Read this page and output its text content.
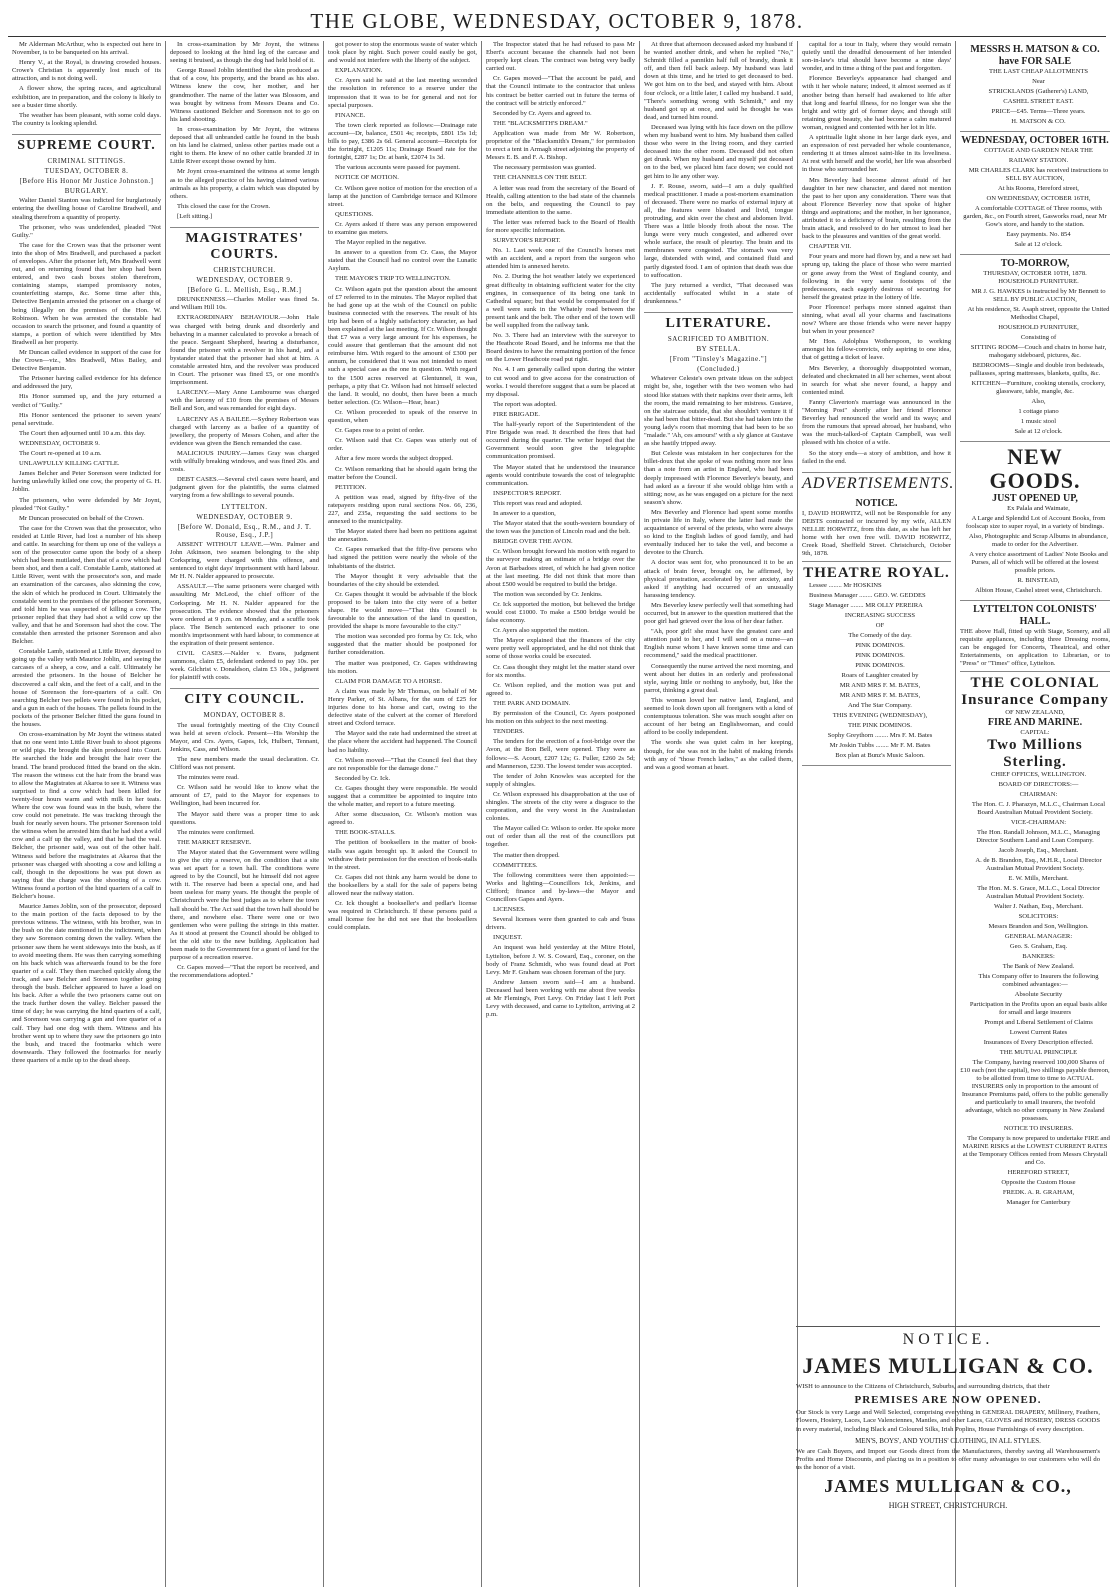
THE GLOBE, WEDNESDAY, OCTOBER 9, 1878.

Mr Alderman McArthur, who is expected out here in November, is to be banqueted on his arrival.

Henry V., at the Royal, is drawing crowded houses. Crowe's Christian is apparently lost much of its attraction, and is not doing well.

A flower show, the spring races, and agricultural exhibition, are in preparation, and the colony is likely to see a busier time shortly.

The weather has been pleasant, with some cold days. The country is looking splendid.

SUPREME COURT.
CRIMINAL SITTINGS.
TUESDAY, OCTOBER 8.
[Before His Honor Mr Justice Johnston.]
BURGLARY.

Walter Daniel Stanton was indicted for burglariously entering the dwelling house of Caroline Bradwell, and stealing therefrom a quantity of property.

The prisoner, who was undefended, pleaded "Not Guilty."

The case for the Crown was that the prisoner went into the shop of Mrs Bradwell, and purchased a packet of envelopes. After the prisoner left, Mrs Bradwell went out, and on returning found that her shop had been entered, and two cash boxes stolen therefrom, containing stamps, stamped promissory notes, counterfeiting stamps, &c. Some time after this, Detective Benjamin arrested the prisoner on a charge of being illegally on the premises of the Hon. W. Robinson. When he was arrested the constable had occasion to search the prisoner, and found a quantity of stamps, a portion of which were identified by Mrs Bradwell as her property.

Mr Duncan called evidence in support of the case for the Crown—viz., Mrs Bradwell, Miss Bailey, and Detective Benjamin.

The Prisoner having called evidence for his defence and addressed the jury,

His Honor summed up, and the jury returned a verdict of "Guilty."

His Honor sentenced the prisoner to seven years' penal servitude.

The Court then adjourned until 10 a.m. this day.

WEDNESDAY, OCTOBER 9.

The Court re-opened at 10 a.m.

UNLAWFULLY KILLING CATTLE.

James Belcher and Peter Sorenson were indicted for having unlawfully killed one cow, the property of G. H. Joblin.

The prisoners, who were defended by Mr Joynt, pleaded "Not Guilty."

Mr Duncan prosecuted on behalf of the Crown.

The case for the Crown was that the prosecutor, who resided at Little River, had lost a number of his sheep and cattle. In searching for them up one of the valleys a son of the prosecutor came upon the body of a sheep which had been mutilated, then that of a cow which had been shot, and then a calf. Constable Lamb, stationed at Little River, went with the prosecutor's son, and made an examination of the carcases, also skinning the cow, the skin of which he produced in Court. Ultimately the constable went to the premises of the prisoner Sorenson, and told him he was suspected of killing a cow. The prisoner replied that they had shot a wild cow up the valley, and that he and Sorenson had shot the cow. The constable then arrested the prisoner Sorenson and also Belcher.

Constable Lamb, stationed at Little River, deposed to going up the valley with Maurice Joblin, and seeing the carcases of a sheep, a cow, and a calf. Ultimately he arrested the prisoners. In the house of Belcher he discovered a calf skin, and the feet of a calf, and in the house of Sorenson the fore-quarters of a calf. On searching Belcher two pellets were found in his pocket, and a gun in each of the houses. The pellets found in the pockets of the prisoner Belcher fitted the guns found in the houses.

On cross-examination by Mr Joynt the witness stated that no one went into Little River bush to shoot pigeons or wild pigs. He brought the skin produced into Court. He searched the hide and brought the hair over the brand. The brand produced fitted the brand on the skin. The reason the witness cut the hair from the brand was to allow the Magistrates at Akaroa to see it. Witness was surprised to find a cow which had been killed for twenty-four hours warm and with milk in her teats. Where the cow was found was in the bush, where the cow could not penetrate. He was tracking through the bush for nearly seven hours. The prisoner Sorenson told the witness when he arrested him that he had shot a wild cow and a calf up the valley, and that he had the veal. Belcher, the prisoner said, was out of the other half. Witness said before the magistrates at Akaroa that the prisoner was charged with shooting a cow and killing a calf, though in the depositions he was put down as saying that the charge was the shooting of a cow. Witness found a portion of the hind quarters of a calf in Belcher's house.

Maurice James Joblin, son of the prosecutor, deposed to the main portion of the facts deposed to by the previous witness. The witness, with his brother, was in the bush on the date mentioned in the indictment, when they saw Sorenson coming down the valley. When the prisoner saw them he went sideways into the bush, as if to avoid meeting them. He was then carrying something on his back which was afterwards found to be the fore quarter of a calf. They then marched quickly along the track, and saw Belcher and Sorenson together going through the bush. Belcher appeared to have a load on his back. After a while the two prisoners came out on the track further down the valley. Belcher passed the time of day; he was carrying the hind quarters of a calf, and Sorenson was carrying a gun and fore quarter of a calf. They had one dog with them. Witness and his brother went up to where they saw the prisoners go into the bush, and traced the footmarks which were downwards. They followed the footmarks for nearly three quarters of a mile up to the dead sheep.

In cross-examination by Mr Joynt, the witness deposed to looking at the hind leg of the carcase and seeing it bruised, as though the dog had held hold of it.

George Russel Joblin identified the skin produced as that of a cow, his property, and the brand as his also. Witness knew the cow, her mother, and her grandmother. The name of the latter was Blossom, and was bought by witness from Messrs Deans and Co. Witness cautioned Belcher and Sorenson not to go on his land shooting.

In cross-examination by Mr Joynt, the witness deposed that all unbranded cattle he found in the bush on his land he claimed, unless other parties made out a right to them. He knew of no other cattle branded JJ in Little River except those owned by him.

Mr Joynt cross-examined the witness at some length as to the alleged practice of his having claimed various animals as his property, a claim which was disputed by others.

This closed the case for the Crown.

[Left sitting.]

MAGISTRATES' COURTS.
CHRISTCHURCH.
WEDNESDAY, OCTOBER 9.
[Before G. L. Mellish, Esq., R.M.]

DRUNKENNESS.—Charles Moller was fined 5s. and William Hill 10s.

EXTRAORDINARY BEHAVIOUR.—John Hale was charged with being drunk and disorderly and behaving in a manner calculated to provoke a breach of the peace. Sergeant Shepherd, hearing a disturbance, found the prisoner with a revolver in his hand, and a bystander stated that the prisoner had shot at him. A constable arrested him, and the revolver was produced in Court. The prisoner was fined £5, or one month's imprisonment.

LARCENY.—Mary Anne Lambourne was charged with the larceny of £10 from the premises of Messrs Bell and Son, and was remanded for eight days.

LARCENY AS A BAILEE.—Sydney Robertson was charged with larceny as a bailee of a quantity of jewellery, the property of Messrs Cohen, and after the evidence was given the Bench remanded the case.

MALICIOUS INJURY.—James Gray was charged with wilfully breaking windows, and was fined 20s. and costs.

DEBT CASES.—Several civil cases were heard, and judgment given for the plaintiffs, the sums claimed varying from a few shillings to several pounds.

LYTTELTON.
WEDNESDAY, OCTOBER 9.
[Before W. Donald, Esq., R.M., and J. T. Rouse, Esq., J.P.]

ABSENT WITHOUT LEAVE.—Wm. Palmer and John Atkinson, two seamen belonging to the ship Corkspring, were charged with this offence, and sentenced to eight days' imprisonment with hard labour. Mr H. N. Nalder appeared to prosecute.

ASSAULT.—The same prisoners were charged with assaulting Mr McLeod, the chief officer of the Corkspring. Mr H. N. Nalder appeared for the prosecution. The evidence showed that the prisoners were ordered at 9 p.m. on Monday, and a scuffle took place. The Bench sentenced each prisoner to one month's imprisonment with hard labour, to commence at the expiration of their present sentence.

CIVIL CASES.—Nalder v. Evans, judgment summons, claim £5, defendant ordered to pay 10s. per week. Gilchrist v. Donaldson, claim £3 10s., judgment for plaintiff with costs.

CITY COUNCIL.
MONDAY, OCTOBER 8.

The usual fortnightly meeting of the City Council was held at seven o'clock. Present—His Worship the Mayor, and Crs. Ayers, Gapes, Ick, Hulbert, Tennant, Jenkins, Cass, and Wilson.

The new members made the usual declaration. Cr. Clifford was not present.

The minutes were read.

Cr. Wilson said he would like to know what the amount of £7, paid to the Mayor for expenses to Wellington, had been incurred for.

The Mayor said there was a proper time to ask questions.

The minutes were confirmed.

THE MARKET RESERVE.

The Mayor stated that the Government were willing to give the city a reserve, on the condition that a site was set apart for a town hall. The conditions were agreed to by the Council, but he himself did not agree with it. The reserve had been a special one, and had been useless for many years. He thought the people of Christchurch were the best judges as to where the town hall should be. The Act said that the town hall should be there, and nowhere else. There were one or two gentlemen who were pulling the strings in this matter. As it stood at present the Council should be obliged to let the old site to the new building. Application had been made to the Government for a grant of land for the purpose of a recreation reserve.

Cr. Gapes moved—"That the report be received, and the recommendations adopted."

got power to stop the enormous waste of water which took place by night. Such power could easily be got, and would not interfere with the liberty of the subject.

EXPLANATION.

Cr. Ayers said he said at the last meeting seconded the resolution in reference to a reserve under the impression that it was to be for general and not for special purposes.

FINANCE.

The town clerk reported as follows:—Drainage rate account—Dr, balance, £501 4s; receipts, £801 15s 1d; bills to pay, £386 2s 6d. General account—Receipts for the fortnight, £1205 11s; Drainage Board rate for the fortnight, £287 1s; Dr. at bank, £2074 1s 3d.

The various accounts were passed for payment.

NOTICE OF MOTION.

Cr. Wilson gave notice of motion for the erection of a lamp at the junction of Cambridge terrace and Kilmore street.

QUESTIONS.

Cr. Ayers asked if there was any person empowered to examine gas meters.

The Mayor replied in the negative.

In answer to a question from Cr. Cass, the Mayor stated that the Council had no control over the Lunatic Asylum.

THE MAYOR'S TRIP TO WELLINGTON.

Cr. Wilson again put the question about the amount of £7 referred to in the minutes. The Mayor replied that he had gone up at the wish of the Council on public business connected with the reserves. The result of his trip had been of a highly satisfactory character, as had been explained at the last meeting. If Cr. Wilson thought that £7 was a very large amount for his expenses, he could assure that gentleman that the amount did not reimburse him. With regard to the amount of £300 per annum, he considered that it was not intended to meet such a special case as the one in question. With regard to the 1500 acres reserved at Glentunnel, it was, perhaps, a pity that Cr. Wilson had not himself selected the land. It would, no doubt, then have been a much better selection. (Cr. Wilson—Hear, hear.)

Cr. Wilson proceeded to speak of the reserve in question, when

Cr. Gapes rose to a point of order.

Cr. Wilson said that Cr. Gapes was utterly out of order.

After a few more words the subject dropped.

Cr. Wilson remarking that he should again bring the matter before the Council.

PETITION.

A petition was read, signed by fifty-five of the ratepayers residing upon rural sections Nos. 66, 236, 227, and 235a, requesting the said sections to be annexed to the municipality.

The Mayor stated there had been no petitions against the annexation.

Cr. Gapes remarked that the fifty-five persons who had signed the petition were nearly the whole of the inhabitants of the district.

The Mayor thought it very advisable that the boundaries of the city should be extended.

Cr. Gapes thought it would be advisable if the block proposed to be taken into the city were of a better shape. He would move—"That this Council is favourable to the annexation of the land in question, provided the shape is more favourable to the city."

The motion was seconded pro forma by Cr. Ick, who suggested that the matter should be postponed for further consideration.

The matter was postponed, Cr. Gapes withdrawing his motion.

CLAIM FOR DAMAGE TO A HORSE.

A claim was made by Mr Thomas, on behalf of Mr Henry Parker, of St. Albans, for the sum of £25 for injuries done to his horse and cart, owing to the defective state of the culvert at the corner of Hereford street and Oxford terrace.

The Mayor said the rate had undermined the street at the place where the accident had happened. The Council had no liability.

Cr. Wilson moved—"That the Council feel that they are not responsible for the damage done."

Seconded by Cr. Ick.

Cr. Gapes thought they were responsible. He would suggest that a committee be appointed to inquire into the whole matter, and report to a future meeting.

After some discussion, Cr. Wilson's motion was agreed to.

THE BOOK-STALLS.

The petition of booksellers in the matter of book-stalls was again brought up. It asked the Council to withdraw their permission for the erection of book-stalls in the street.

Cr. Gapes did not think any harm would be done to the booksellers by a stall for the sale of papers being allowed near the railway station.

Cr. Ick thought a bookseller's and pedlar's license was required in Christchurch. If these persons paid a small license fee he did not see that the booksellers could complain.

The Inspector stated that he had refused to pass Mr Ebert's account because the channels had not been properly kept clean. The contract was being very badly carried out.

Cr. Gapes moved—"That the account be paid, and that the Council intimate to the contractor that unless his contract be better carried out in future the terms of the contract will be strictly enforced."

Seconded by Cr. Ayers and agreed to.

THE "BLACKSMITH'S DREAM."

Application was made from Mr W. Robertson, proprietor of the "Blacksmith's Dream," for permission to erect a tent in Armagh street adjoining the property of Messrs E. B. and F. A. Bishop.

The necessary permission was granted.

THE CHANNELS ON THE BELT.

A letter was read from the secretary of the Board of Health, calling attention to the bad state of the channels on the belts, and requesting the Council to pay immediate attention to the same.

The letter was referred back to the Board of Health for more specific information.

SURVEYOR'S REPORT.

No. 1. Last week one of the Council's horses met with an accident, and a report from the surgeon who attended him is annexed hereto.

No. 2. During the hot weather lately we experienced great difficulty in obtaining sufficient water for the city engines, in consequence of its being one tank in Cathedral square; but that would be compensated for if a well were sunk in the Whately road between the present tank and the belt. The other end of the town will be well supplied from the railway tank.

No. 3. There had an interview with the surveyor to the Heathcote Road Board, and he informs me that the Board desires to have the remaining portion of the fence on the Lower Heathcote road put right.

No. 4. I am generally called upon during the winter to cut wood and to give access for the construction of works. I would therefore suggest that a sum be placed at my disposal.

The report was adopted.

FIRE BRIGADE.

The half-yearly report of the Superintendent of the Fire Brigade was read. It described the fires that had occurred during the quarter. The writer hoped that the Government would soon give the telegraphic communication promised.

The Mayor stated that he understood the insurance agents would contribute towards the cost of telegraphic communication.

INSPECTOR'S REPORT.

This report was read and adopted.

In answer to a question,

The Mayor stated that the south-western boundary of the town was the junction of Lincoln road and the belt.

BRIDGE OVER THE AVON.

Cr. Wilson brought forward his motion with regard to the surveyor making an estimate of a bridge over the Avon at Barbadoes street, of which he had given notice at the last meeting. He did not think that more than about £500 would be required to build the bridge.

The motion was seconded by Cr. Jenkins.

Cr. Ick supported the motion, but believed the bridge would cost £1000. To make a £500 bridge would be false economy.

Cr. Ayers also supported the motion.

The Mayor explained that the finances of the city were pretty well appropriated, and he did not think that some of those works could be executed.

Cr. Cass thought they might let the matter stand over for six months.

Cr. Wilson replied, and the motion was put and agreed to.

THE PARK AND DOMAIN.

By permission of the Council, Cr. Ayers postponed his motion on this subject to the next meeting.

TENDERS.

The tenders for the erection of a foot-bridge over the Avon, at the Bon Bell, were opened. They were as follows:—S. Acourt, £207 12s; G. Fuller, £260 2s 5d; and Mannerson, £230. The lowest tender was accepted.

The tender of John Knowles was accepted for the supply of shingles.

Cr. Wilson expressed his disapprobation at the use of shingles. The streets of the city were a disgrace to the corporation, and the very worst in the Australasian colonies.

The Mayor called Cr. Wilson to order. He spoke more out of order than all the rest of the councillors put together.

The matter then dropped.

COMMITTEES.

The following committees were then appointed:—Works and lighting—Councillors Ick, Jenkins, and Clifford; finance and by-laws—the Mayor and Councillors Gapes and Ayers.

LICENSES.

Several licenses were then granted to cab and 'buss drivers.

INQUEST.

An inquest was held yesterday at the Mitre Hotel, Lyttelton, before J. W. S. Coward, Esq., coroner, on the body of Franz Schmidt, who was found dead at Port Levy. Mr F. Graham was chosen foreman of the jury.

Andrew Jansen sworn said—I am a husband. Deceased had been working with me about five weeks at Mr Fleming's, Port Levy. On Friday last I left Port Levy with deceased, and came to Lyttelton, arriving at 2 p.m.

At three that afternoon deceased asked my husband if he wanted another drink, and when he replied "No," Schmidt filled a pannikin half full of brandy, drank it off, and then fell back asleep. My husband was laid down at this time, and he tried to get deceased to bed. We got him on to the bed, and stayed with him. About four o'clock, or a little later, I called my husband. I said, "There's something wrong with Schmidt," and my husband got up at once, and said he thought he was dead, and turned him round.

Deceased was lying with his face down on the pillow when my husband went to him. My husband then called those who were in the living room, and they carried deceased into the other room. Deceased did not often get drunk. When my husband and myself put deceased on to the bed, we placed him face down; we could not get him to lie any other way.

J. F. Rouse, sworn, said—I am a duly qualified medical practitioner. I made a post-mortem examination of deceased. There were no marks of external injury at all, the features were bloated and livid, tongue protruding, and skin over the chest and abdomen livid. There was a little bloody froth about the nose. The lungs were very much congested, and adhered over whole surface, the result of pleurisy. The brain and its membranes were congested. The stomach was very large, distended with wind, and contained fluid and partly digested food. I am of opinion that death was due to suffocation.

The jury returned a verdict, "That deceased was accidentally suffocated whilst in a state of drunkenness."

LITERATURE.
SACRIFICED TO AMBITION.
BY STELLA.
[From "Tinsley's Magazine."]
(Concluded.)

Whatever Celeste's own private ideas on the subject might be, she, together with the two women who had stood like statues with their napkins over their arms, left the room, the maid remaining to her mistress. Gustave, on the staircase outside, that she shouldn't venture it if she had been that bitter-dead. But she had taken into the young lady's room that morning that had been to be so "malade." 'Ah, ces amours!' with a sly glance at Gustave as she hastily tripped away.

But Celeste was mistaken in her conjectures for the billet-doux that she spoke of was nothing more nor less than a note from an artist in England, who had been deeply impressed with Florence Beverley's beauty, and had asked as a favour if she would oblige him with a sitting; now, as he was engaged on a picture for the next season's show.

Mrs Beverley and Florence had spent some months in private life in Italy, where the latter had made the acquaintance of several of the priests, who were always so kind to the English ladies of good family, and had eventually induced her to take the veil, and become a devotee to the Church.

A doctor was sent for, who pronounced it to be an attack of brain fever, brought on, he affirmed, by physical prostration, accelerated by over anxiety, and asked if anything had occurred of an unusually harassing tendency.

Mrs Beverley knew perfectly well that something had occurred, but in answer to the question muttered that the poor girl had grieved over the loss of her dear father.

"Ah, poor girl! she must have the greatest care and attention paid to her, and I will send on a nurse—an English nurse whom I have known some time and can recommend," said the medical practitioner.

Consequently the nurse arrived the next morning, and went about her duties in an orderly and professional style, saying little or nothing to anybody, but, like the parrot, thinking a great deal.

This woman loved her native land, England, and seemed to look down upon all foreigners with a kind of contemptuous toleration. She was much sought after on account of her being an Englishwoman, and could afford to be coolly independent.

The words she was quiet calm in her keeping, though, for she was not in the habit of making friends with any of "those French ladies," as she called them, and was a good woman at heart.

capital for a tour in Italy, where they would remain quietly until the dreadful denouement of her intended son-in-law's trial should have become a nine days' wonder, and in time a thing of the past and forgotten.

Florence Beverley's appearance had changed and with it her whole nature; indeed, it almost seemed as if another being than herself had awakened to life after that long and fearful illness, for no longer was she the bright and witty girl of former days; and though still retaining great beauty, she had become a calm matured woman, resigned and contented with her lot in life.

A spiritualle light shone in her large dark eyes, and an expression of rest pervaded her whole countenance, rendering it at times almost saint-like in its loveliness. At rest with herself and the world, her life was absorbed in those who surrounded her.

Mrs Beverley had become almost afraid of her daughter in her new character, and dared not mention the past to her upon any consideration. There was that about Florence Beverley now that spoke of higher things and aspirations; and the mother, in her ignorance, attributed it to a deficiency of brain, resulting from the brain attack, and resolved to do her utmost to lead her back to the pleasures and vanities of the great world.

CHAPTER VII.

Four years and more had flown by, and a new set had sprung up, taking the place of those who were married or gone away from the West of England county, and following in the very same footsteps of the predecessors, each eagerly desirous of securing for herself the greatest prize in the lottery of life.

Poor Florence! perhaps more sinned against than sinning, what avail all your charms and fascinations now? Where are those friends who were never happy but when in your presence?

Mr Hon. Adolphus Wotherspoon, to working amongst his fellow-convicts, only aspiring to one idea, that of getting a ticket of leave.

Mrs Beverley, a thoroughly disappointed woman, defeated and checkmated in all her schemes, went about in search for what she never found, a happy and contented mind.

Fanny Claverton's marriage was announced in the "Morning Post" shortly after her friend Florence Beverley had renounced the world and its ways; and from the rumours that spread abroad, her husband, who was the much-talked-of Captain Campbell, was well pleased with his choice of a wife.

So the story ends—a story of ambition, and how it failed in the end.

ADVERTISEMENTS.
NOTICE.
I, DAVID HORWITZ, will not be Responsible for any DEBTS contracted or incurred by my wife, ALLEN NELLIE HORWITZ, from this date, as she has left her home with her own free will. DAVID HORWITZ, Creek Road, Sheffield Street. Christchurch, October 9th, 1878.
THEATRE ROYAL.

Lessee ........ Mr HOSKINS

Business Manager ........ GEO. W. GEDDES

Stage Manager ........ MR OLLY PEREIRA

INCREASING SUCCESS

OF

The Comedy of the day.

PINK DOMINOS.

PINK DOMINOS.

PINK DOMINOS.

Roars of Laughter created by

MR AND MRS F. M. BATES,

MR AND MRS F. M. BATES,

And The Star Company.

THIS EVENING (WEDNESDAY),

THE PINK DOMINOS.

Sophy Greythorn ........ Mrs F. M. Bates

Mr Joskin Tubbs ........ Mr F. M. Bates

Box plan at Bunz's Music Saloon.

MESSRS H. MATSON & CO. have FOR SALE

THE LAST CHEAP ALLOTMENTS

Near

STRICKLANDS (Gatherer's) LAND,

CASHEL STREET EAST.

PRICE—£45. Terms—Three years.

H. MATSON & CO.

WEDNESDAY, OCTOBER 16TH.

COTTAGE AND GARDEN NEAR THE

RAILWAY STATION.

MR CHARLES CLARK has received instructions to SELL BY AUCTION,

At his Rooms, Hereford street,

ON WEDNESDAY, OCTOBER 16TH,

A comfortable COTTAGE of Three rooms, with garden, &c., on Fourth street, Gasworks road, near Mr Gow's store, and handy to the station.

Easy payments. No. 854

Sale at 12 o'clock.

TO-MORROW,
THURSDAY, OCTOBER 10TH, 1878.

HOUSEHOLD FURNITURE.

MR J. G. HAWKES is instructed by Mr Bennett to SELL BY PUBLIC AUCTION,

At his residence, St. Asaph street, opposite the United Methodist Chapel,

HOUSEHOLD FURNITURE,

Consisting of

SITTING ROOM—Couch and chairs in horse hair, mahogany sideboard, pictures, &c.

BEDROOMS—Single and double iron bedsteads, palliasses, spring mattresses, blankets, quilts, &c.

KITCHEN—Furniture, cooking utensils, crockery, glassware, table, mangle, &c.

Also,

1 cottage piano

1 music stool

Sale at 12 o'clock.

NEW GOODS.
JUST OPENED UP,

Ex Palala and Waimate,

A Large and Splendid Lot of Account Books, from foolscap size to super royal, in a variety of bindings.

Also, Photographic and Scrap Albums in abundance, made to order for the Advertiser.

A very choice assortment of Ladies' Note Books and Purses, all of which will be offered at the lowest possible prices.

R. BINSTEAD,

Albion House, Cashel street west, Christchurch.

LYTTELTON COLONISTS' HALL.
THE above Hall, fitted up with Stage, Scenery, and all requisite appliances, including three Dressing rooms, can be engaged for Concerts, Theatrical, and other Entertainments, on application to Librarian, or to "Press" or "Times" office, Lyttelton.
THE COLONIAL
Insurance Company
OF NEW ZEALAND,
FIRE AND MARINE.
CAPITAL:
Two Millions Sterling.

CHIEF OFFICES, WELLINGTON.

BOARD OF DIRECTORS:—

CHAIRMAN:

The Hon. C. J. Pharazyn, M.L.C., Chairman Local Board Australian Mutual Provident Society.

VICE-CHAIRMAN:

The Hon. Randall Johnson, M.L.C., Managing Director Southern Land and Loan Company.

Jacob Joseph, Esq., Merchant.

A. de B. Brandon, Esq., M.H.R., Local Director Australian Mutual Provident Society.

E. W. Mills, Merchant.

The Hon. M. S. Grace, M.L.C., Local Director Australian Mutual Provident Society.

Walter J. Nathan, Esq., Merchant.

SOLICITORS:

Messrs Brandon and Son, Wellington.

GENERAL MANAGER:

Geo. S. Graham, Esq.

BANKERS:

The Bank of New Zealand.

This Company offer to Insurers the following combined advantages:—

Absolute Security

Participation in the Profits upon an equal basis alike for small and large insurers

Prompt and Liberal Settlement of Claims

Lowest Current Rates

Insurances of Every Description effected.

THE MUTUAL PRINCIPLE

The Company, having reserved 100,000 Shares of £10 each (not the capital), two shillings payable thereon, to be allotted from time to time to ACTUAL INSURERS only in proportion to the amount of Insurance Premiums paid, offers to the public generally and particularly to small insurers, the twofold advantage, which no other company in New Zealand possesses.

NOTICE TO INSURERS.

The Company is now prepared to undertake FIRE and MARINE RISKS at the LOWEST CURRENT RATES at the Temporary Offices rented from Messrs Chrystall and Co.

HEREFORD STREET,

Opposite the Custom House

FREDK. A. R. GRAHAM,

Manager for Canterbury

NOTICE.
JAMES MULLIGAN & CO.
WISH to announce to the Citizens of Christchurch, Suburbs, and surrounding districts, that their
PREMISES ARE NOW OPENED.
Our Stock is very Large and Well Selected, comprising everything in GENERAL DRAPERY, Millinery, Feathers, Flowers, Hosiery, Laces, Lace Valenciennes, Mantles, and other Laces, GLOVES and HOSIERY, DRESS GOODS in every material, including Black and Coloured Silks, Irish Poplins, House Furnishings of every description.
MEN'S, BOYS', AND YOUTHS' CLOTHING, IN ALL STYLES.
We are Cash Buyers, and Import our Goods direct from the Manufacturers, thereby saving all Warehousemen's Profits and Home Discounts, and placing us in a position to offer many advantages to our customers who will do us the honor of a visit.
JAMES MULLIGAN & CO.,
HIGH STREET, CHRISTCHURCH.
